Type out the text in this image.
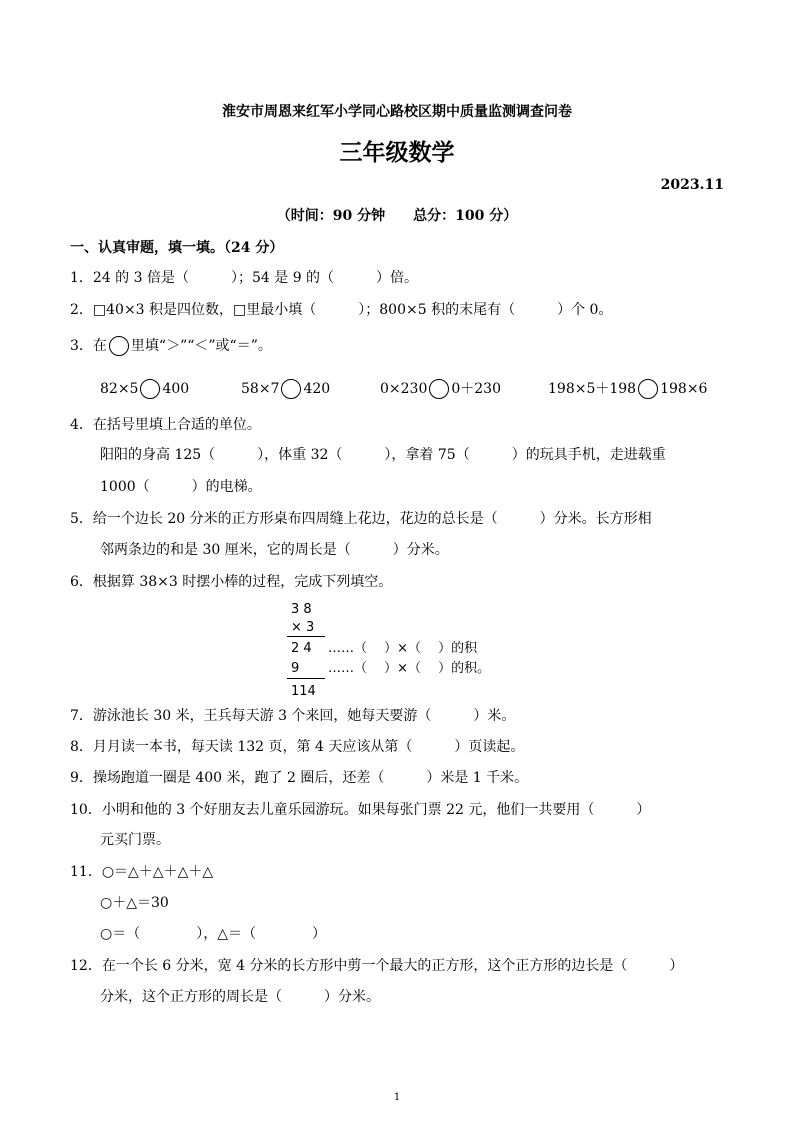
淮安市周恩来红军小学同心路校区期中质量监测调查问卷
三年级数学
2023.11
（时间：90 分钟　　总分：100 分）
一、认真审题，填一填。（24 分）
1．24 的 3 倍是（　　　）；54 是 9 的（　　　）倍。
2．□40×3 积是四位数，□里最小填（　　　）；800×5 积的末尾有（　　　）个 0。
3．在 里填“＞”“＜”或“＝”。
82×5 400	58×7 420	0×230 0＋230	198×5＋198 198×6
4．在括号里填上合适的单位。
阳阳的身高 125（　　　），体重 32（　　　），拿着 75（　　　）的玩具手机，走进载重
1000（　　　）的电梯。
5．给一个边长 20 分米的正方形桌布四周缝上花边，花边的总长是（　　　）分米。长方形相
邻两条边的和是 30 厘米，它的周长是（　　　）分米。
6．根据算 38×3 时摆小棒的过程，完成下列填空。
3 8
× 3
2 4 ……（　 ）×（　 ）的积
9 ……（　 ）×（　 ）的积。
114
7．游泳池长 30 米，王兵每天游 3 个来回，她每天要游（　　　）米。
8．月月读一本书，每天读 132 页，第 4 天应该从第（　　　）页读起。
9．操场跑道一圈是 400 米，跑了 2 圈后，还差（　　　）米是 1 千米。
10．小明和他的 3 个好朋友去儿童乐园游玩。如果每张门票 22 元，他们一共要用（　　　）
元买门票。
11．○＝△＋△＋△＋△
○＋△＝30
○＝（　　　　），△＝（　　　　）
12．在一个长 6 分米，宽 4 分米的长方形中剪一个最大的正方形，这个正方形的边长是（　　　）
分米，这个正方形的周长是（　　　）分米。
1
